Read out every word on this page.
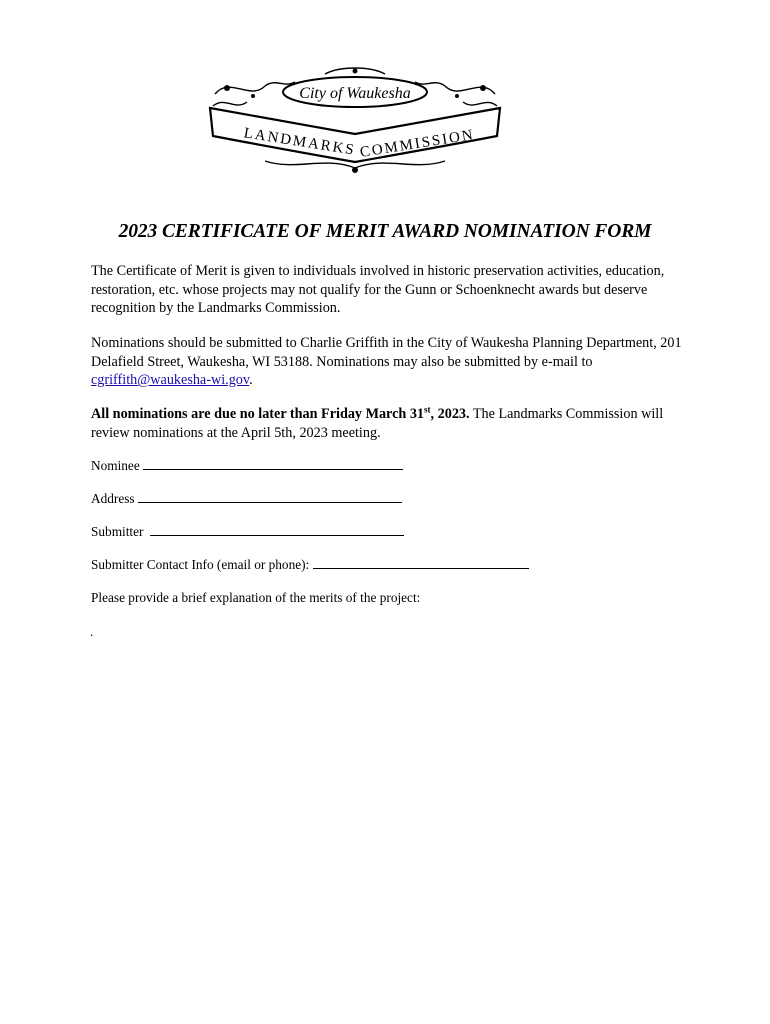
City of Waukesha
LANDMARKS COMMISSION
2023 CERTIFICATE OF MERIT AWARD NOMINATION FORM

The Certificate of Merit is given to individuals involved in historic preservation activities, education, restoration, etc. whose projects may not qualify for the Gunn or Schoenknecht awards but deserve recognition by the Landmarks Commission.

Nominations should be submitted to Charlie Griffith in the City of Waukesha Planning Department, 201 Delafield Street, Waukesha, WI 53188. Nominations may also be submitted by e-mail to cgriffith@waukesha-wi.gov.

All nominations are due no later than Friday March 31st, 2023. The Landmarks Commission will review nominations at the April 5th, 2023 meeting.

Nominee
Address
Submitter
Submitter Contact Info (email or phone):
Please provide a brief explanation of the merits of the project:
.
